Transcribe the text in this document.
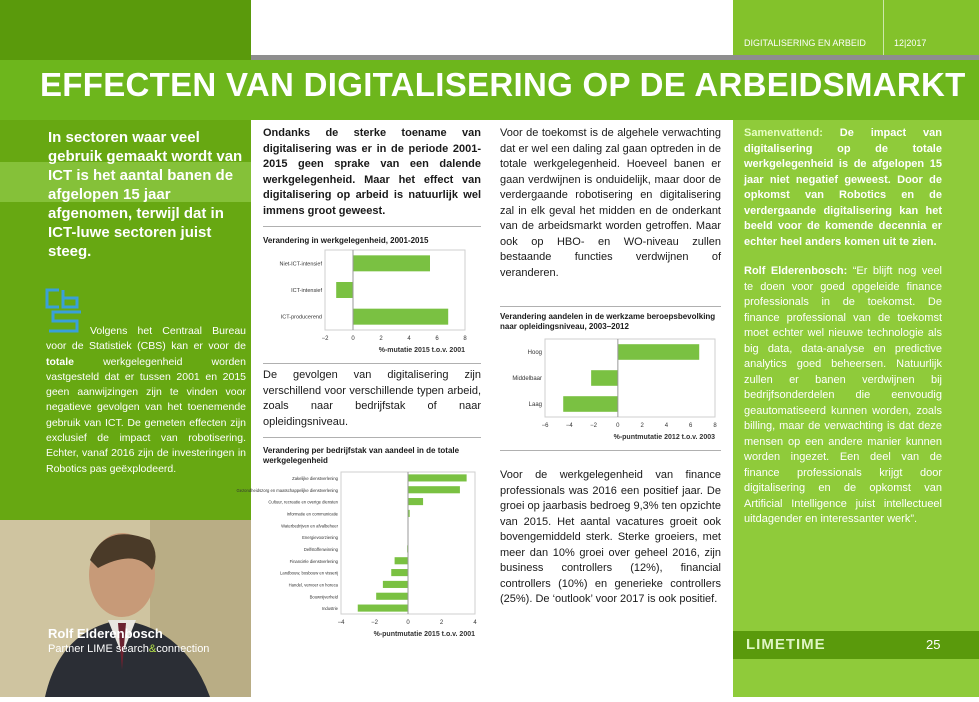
DIGITALISERING EN ARBEID	12|2017
EFFECTEN VAN DIGITALISERING OP DE ARBEIDSMARKT
In sectoren waar veel gebruik gemaakt wordt van ICT is het aantal banen de afgelopen 15 jaar afgenomen, terwijl dat in ICT-luwe sectoren juist steeg.

Volgens het Centraal Bureau voor de Statistiek (CBS) kan er voor de totale werkgelegenheid worden vastgesteld dat er tussen 2001 en 2015 geen aanwijzingen zijn te vinden voor negatieve gevolgen van het toenemende gebruik van ICT. De gemeten effecten zijn exclusief de impact van robotisering. Echter, vanaf 2016 zijn de investeringen in Robotics pas geëxplodeerd.

Rolf Elderenbosch
Partner LIME search&connection

Ondanks de sterke toename van digitalisering was er in de periode 2001-2015 geen sprake van een dalende werkgelegenheid. Maar het effect van digitalisering op arbeid is natuurlijk wel immens groot geweest.

Verandering in werkgelegenheid, 2001-2015
Niet-ICT-intensief
ICT-intensief
ICT-producerend
−2	0	2	4	6	8
%-mutatie 2015 t.o.v. 2001
De gevolgen van digitalisering zijn verschillend voor verschillende typen arbeid, zoals naar bedrijfstak of naar opleidingsniveau.
Verandering per bedrijfstak van aandeel in de totale werkgelegenheid
Zakelijke dienstverlening
Gezondheidszorg en maatschappelijke dienstverlening
Cultuur, recreatie en overige diensten
Informatie en communicatie
Waterbedrijven en afvalbeheer
Energievoorziening
Delfstoffenwinning
Financiële dienstverlening
Landbouw, bosbouw en visserij
Handel, vervoer en horeca
Bouwnijverheid
Industrie
−4	−2	0	2	4
%-puntmutatie 2015 t.o.v. 2001
Voor de toekomst is de algehele verwachting dat er wel een daling zal gaan optreden in de totale werkgelegenheid. Hoeveel banen er gaan verdwijnen is onduidelijk, maar door de verdergaande robotisering en digitalisering zal in elk geval het midden en de onderkant van de arbeidsmarkt worden getroffen. Maar ook op HBO- en WO-niveau zullen bestaande functies verdwijnen of veranderen.
Verandering aandelen in de werkzame beroepsbevolking naar opleidingsniveau, 2003–2012
Hoog
Middelbaar
Laag
−6	−4	−2	0	2	4	6	8
%-puntmutatie 2012 t.o.v. 2003
Voor de werkgelegenheid van finance professionals was 2016 een positief jaar. De groei op jaarbasis bedroeg 9,3% ten opzichte van 2015. Het aantal vacatures groeit ook bovengemiddeld sterk. Sterke groeiers, met meer dan 10% groei over geheel 2016, zijn business controllers (12%), financial controllers (10%) en generieke controllers (25%). De ‘outlook’ voor 2017 is ook positief.

Samenvattend: De impact van digitalisering op de totale werkgelegenheid is de afgelopen 15 jaar niet negatief geweest. Door de opkomst van Robotics en de verdergaande digitalisering kan het beeld voor de komende decennia er echter heel anders komen uit te zien.

Rolf Elderenbosch: “Er blijft nog veel te doen voor goed opgeleide finance professionals in de toekomst. De finance professional van de toekomst moet echter wel nieuwe technologie als big data, data-analyse en predictive analytics goed beheersen. Natuurlijk zullen er banen verdwijnen bij bedrijfsonderdelen die eenvoudig geautomatiseerd kunnen worden, zoals billing, maar de verwachting is dat deze mensen op een andere manier kunnen worden ingezet. Een deel van de finance professionals krijgt door digitalisering en de opkomst van Artificial Intelligence juist intellectueel uitdagender en interessanter werk”.

LIMETIME	25
